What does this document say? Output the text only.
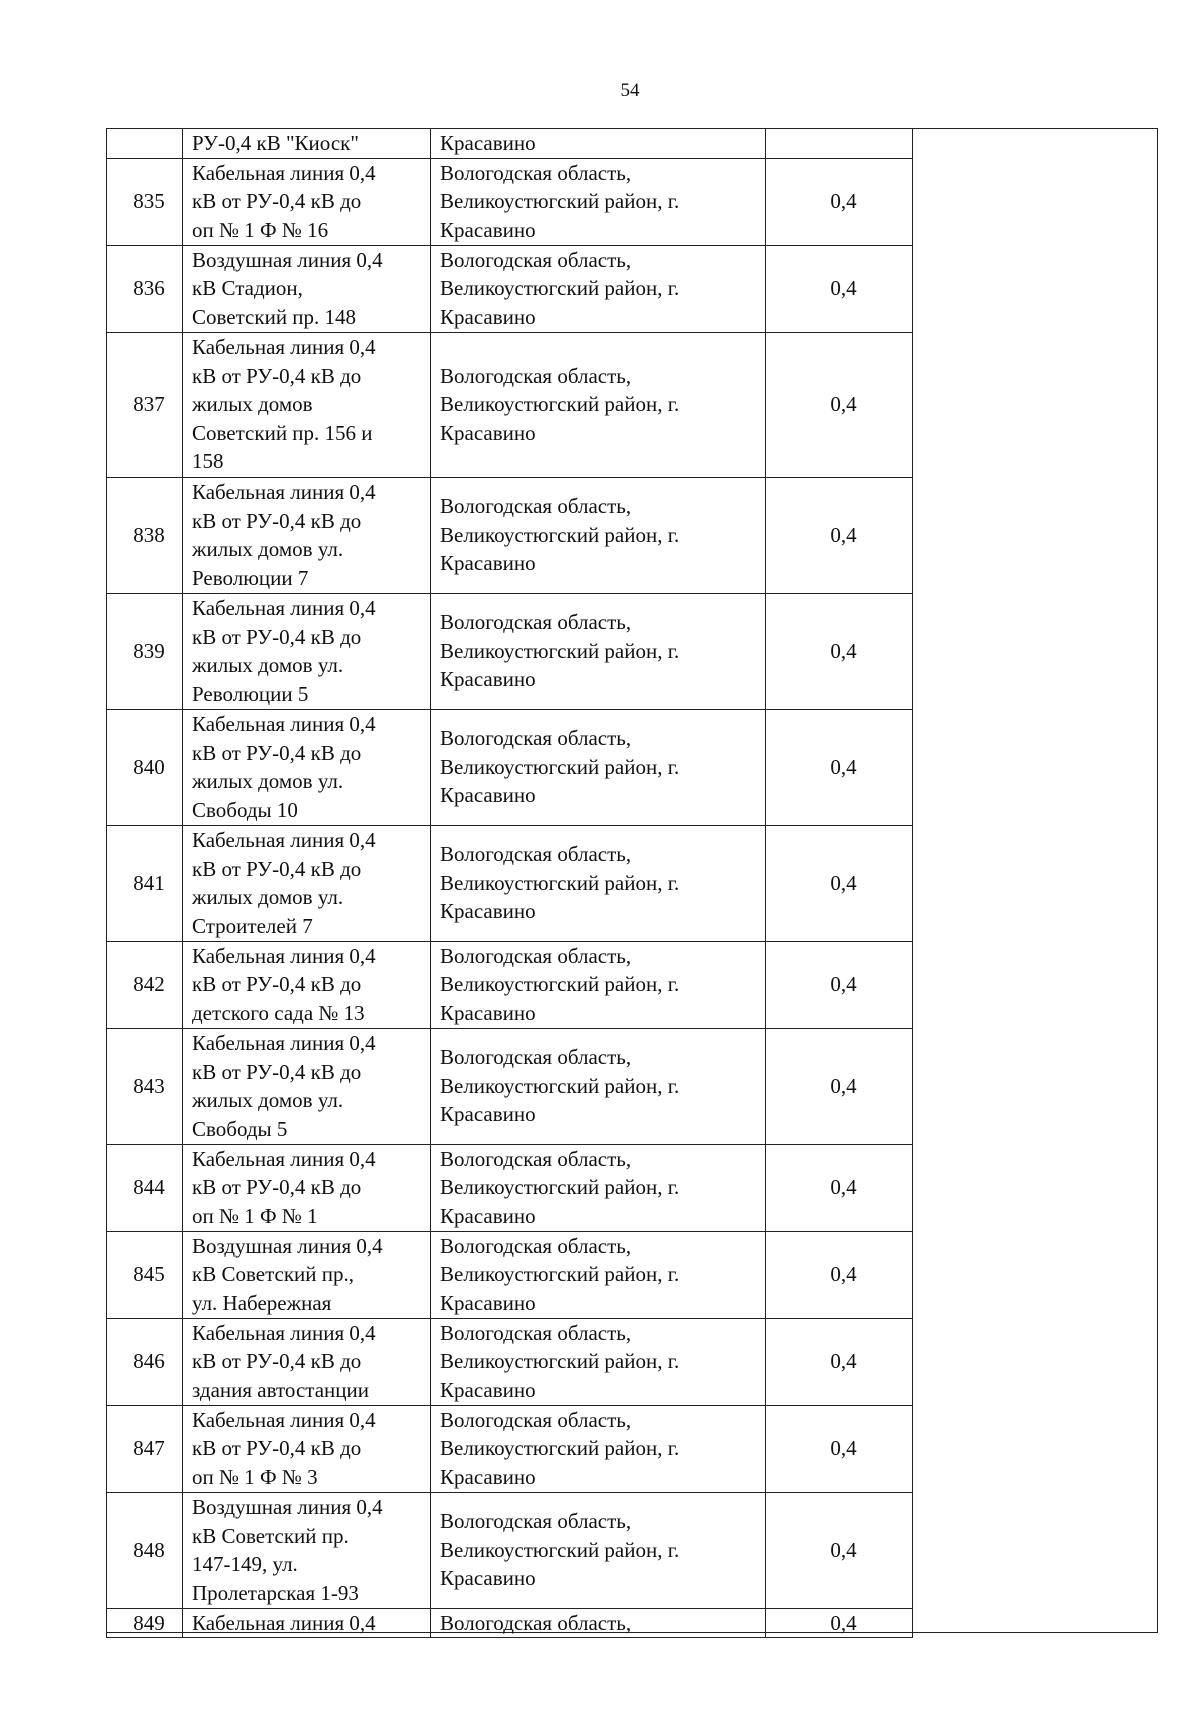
54

	РУ-0,4 кВ "Киоск"	Красавино	

835	Кабельная линия 0,4
кВ от РУ-0,4 кВ до
оп № 1 Ф № 16	Вологодская область,
Великоустюгский район, г.
Красавино	0,4
836	Воздушная линия 0,4
кВ Стадион,
Советский пр. 148	Вологодская область,
Великоустюгский район, г.
Красавино	0,4
837	Кабельная линия 0,4
кВ от РУ-0,4 кВ до
жилых домов
Советский пр. 156 и
158	Вологодская область,
Великоустюгский район, г.
Красавино	0,4
838	Кабельная линия 0,4
кВ от РУ-0,4 кВ до
жилых домов ул.
Революции 7	Вологодская область,
Великоустюгский район, г.
Красавино	0,4
839	Кабельная линия 0,4
кВ от РУ-0,4 кВ до
жилых домов ул.
Революции 5	Вологодская область,
Великоустюгский район, г.
Красавино	0,4
840	Кабельная линия 0,4
кВ от РУ-0,4 кВ до
жилых домов ул.
Свободы 10	Вологодская область,
Великоустюгский район, г.
Красавино	0,4
841	Кабельная линия 0,4
кВ от РУ-0,4 кВ до
жилых домов ул.
Строителей 7	Вологодская область,
Великоустюгский район, г.
Красавино	0,4
842	Кабельная линия 0,4
кВ от РУ-0,4 кВ до
детского сада № 13	Вологодская область,
Великоустюгский район, г.
Красавино	0,4
843	Кабельная линия 0,4
кВ от РУ-0,4 кВ до
жилых домов ул.
Свободы 5	Вологодская область,
Великоустюгский район, г.
Красавино	0,4
844	Кабельная линия 0,4
кВ от РУ-0,4 кВ до
оп № 1 Ф № 1	Вологодская область,
Великоустюгский район, г.
Красавино	0,4
845	Воздушная линия 0,4
кВ Советский пр.,
ул. Набережная	Вологодская область,
Великоустюгский район, г.
Красавино	0,4
846	Кабельная линия 0,4
кВ от РУ-0,4 кВ до
здания автостанции	Вологодская область,
Великоустюгский район, г.
Красавино	0,4
847	Кабельная линия 0,4
кВ от РУ-0,4 кВ до
оп № 1 Ф № 3	Вологодская область,
Великоустюгский район, г.
Красавино	0,4
848	Воздушная линия 0,4
кВ Советский пр.
147-149, ул.
Пролетарская 1-93	Вологодская область,
Великоустюгский район, г.
Красавино	0,4
849	Кабельная линия 0,4	Вологодская область,	0,4
